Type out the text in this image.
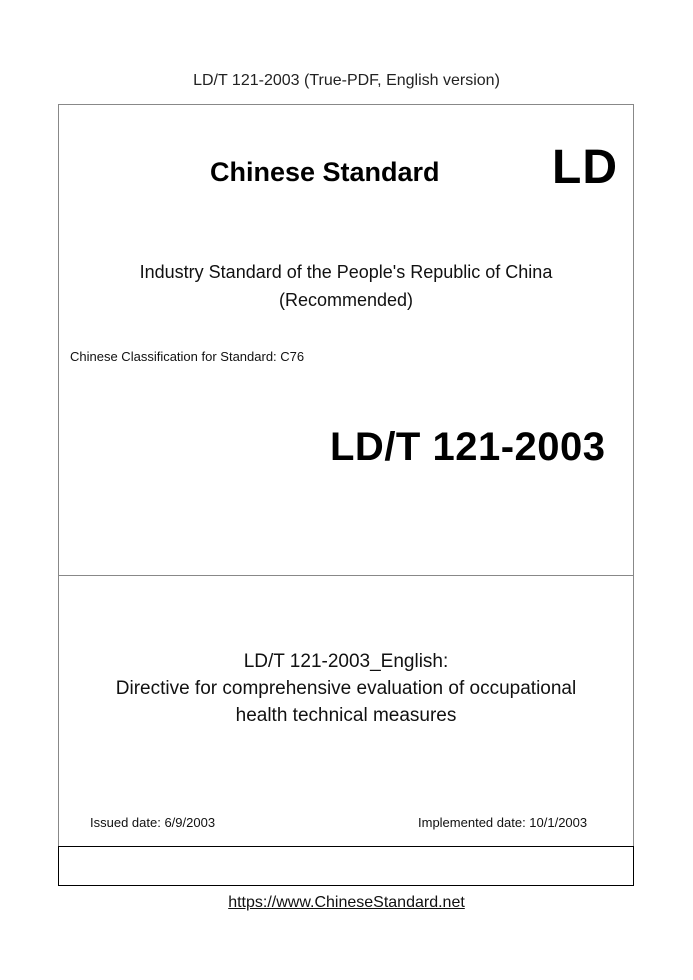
LD/T 121-2003 (True-PDF, English version)
Chinese Standard LD
Industry Standard of the People's Republic of China
(Recommended)
Chinese Classification for Standard: C76
LD/T 121-2003
LD/T 121-2003_English:
Directive for comprehensive evaluation of occupational
health technical measures
Issued date: 6/9/2003	Implemented date: 10/1/2003
https://www.ChineseStandard.net
